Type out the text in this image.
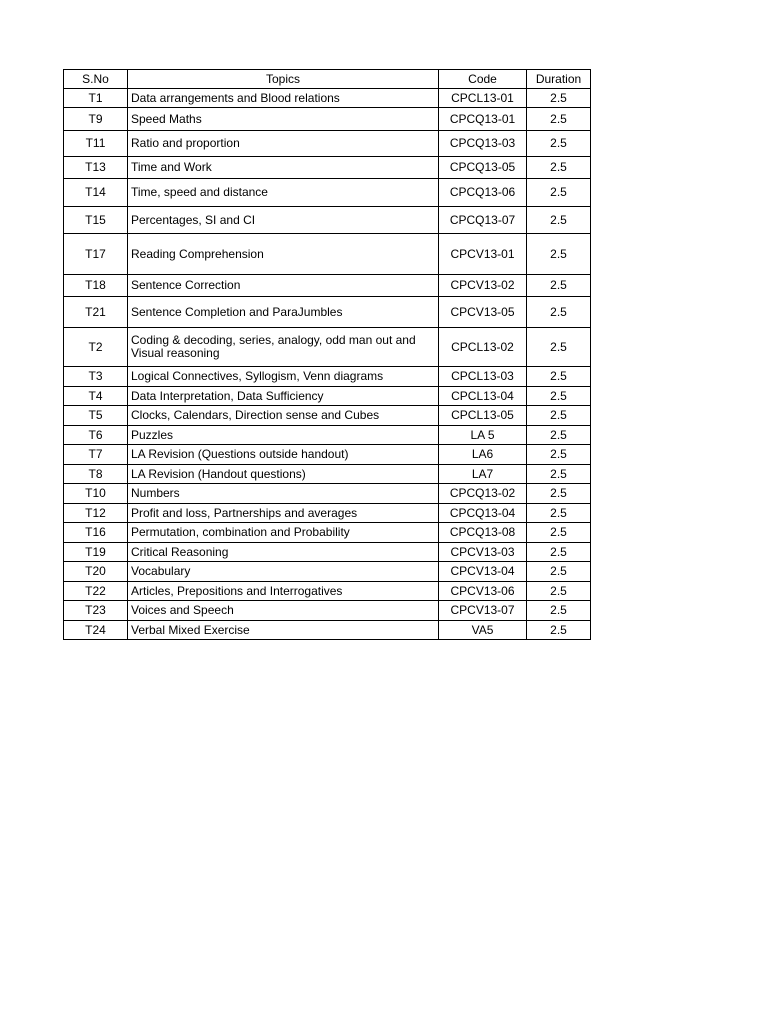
S.No	Topics	Code	Duration
T1	Data arrangements and Blood relations	CPCL13-01	2.5
T9	Speed Maths	CPCQ13-01	2.5
T11	Ratio and proportion	CPCQ13-03	2.5
T13	Time and Work	CPCQ13-05	2.5
T14	Time, speed and distance	CPCQ13-06	2.5
T15	Percentages, SI and CI	CPCQ13-07	2.5
T17	Reading Comprehension	CPCV13-01	2.5
T18	Sentence Correction	CPCV13-02	2.5
T21	Sentence Completion and ParaJumbles	CPCV13-05	2.5
T2	Coding & decoding, series, analogy, odd man out and Visual reasoning	CPCL13-02	2.5
T3	Logical Connectives, Syllogism, Venn diagrams	CPCL13-03	2.5
T4	Data Interpretation, Data Sufficiency	CPCL13-04	2.5
T5	Clocks, Calendars, Direction sense and Cubes	CPCL13-05	2.5
T6	Puzzles	LA 5	2.5
T7	LA Revision (Questions outside handout)	LA6	2.5
T8	LA Revision (Handout questions)	LA7	2.5
T10	Numbers	CPCQ13-02	2.5
T12	Profit and loss, Partnerships and averages	CPCQ13-04	2.5
T16	Permutation, combination and Probability	CPCQ13-08	2.5
T19	Critical Reasoning	CPCV13-03	2.5
T20	Vocabulary	CPCV13-04	2.5
T22	Articles, Prepositions and Interrogatives	CPCV13-06	2.5
T23	Voices and Speech	CPCV13-07	2.5
T24	Verbal Mixed Exercise	VA5	2.5
